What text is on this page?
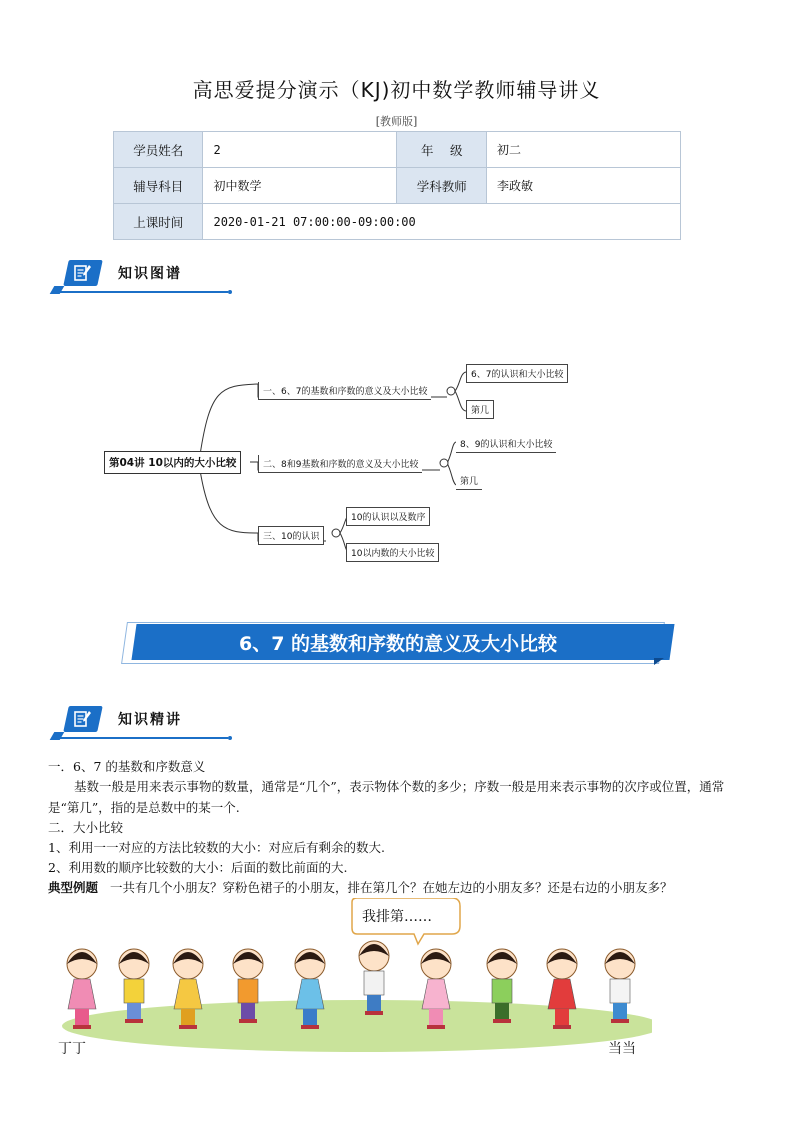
高思爱提分演示（KJ)初中数学教师辅导讲义
[教师版]
学员姓名	2	年　 级	初二
辅导科目	初中数学	学科教师	李政敏
上课时间	2020-01-21 07:00:00-09:00:00		
知识图谱
第04讲 10以内的大小比较
一、6、7的基数和序数的意义及大小比较
6、7的认识和大小比较
第几
二、8和9基数和序数的意义及大小比较
8、9的认识和大小比较
第几
三、10的认识
10的认识以及数序
10以内数的大小比较
6、7 的基数和序数的意义及大小比较
知识精讲
一．6、7 的基数和序数意义
基数一般是用来表示事物的数量，通常是“几个”，表示物体个数的多少；序数一般是用来表示事物的次序或位置，通常是“第几”，指的是总数中的某一个.
二．大小比较
1、利用一一对应的方法比较数的大小：对应后有剩余的数大.
2、利用数的顺序比较数的大小：后面的数比前面的大.
典型例题 一共有几个小朋友？穿粉色裙子的小朋友，排在第几个？在她左边的小朋友多？还是右边的小朋友多？
我排第……
丁丁	当当
